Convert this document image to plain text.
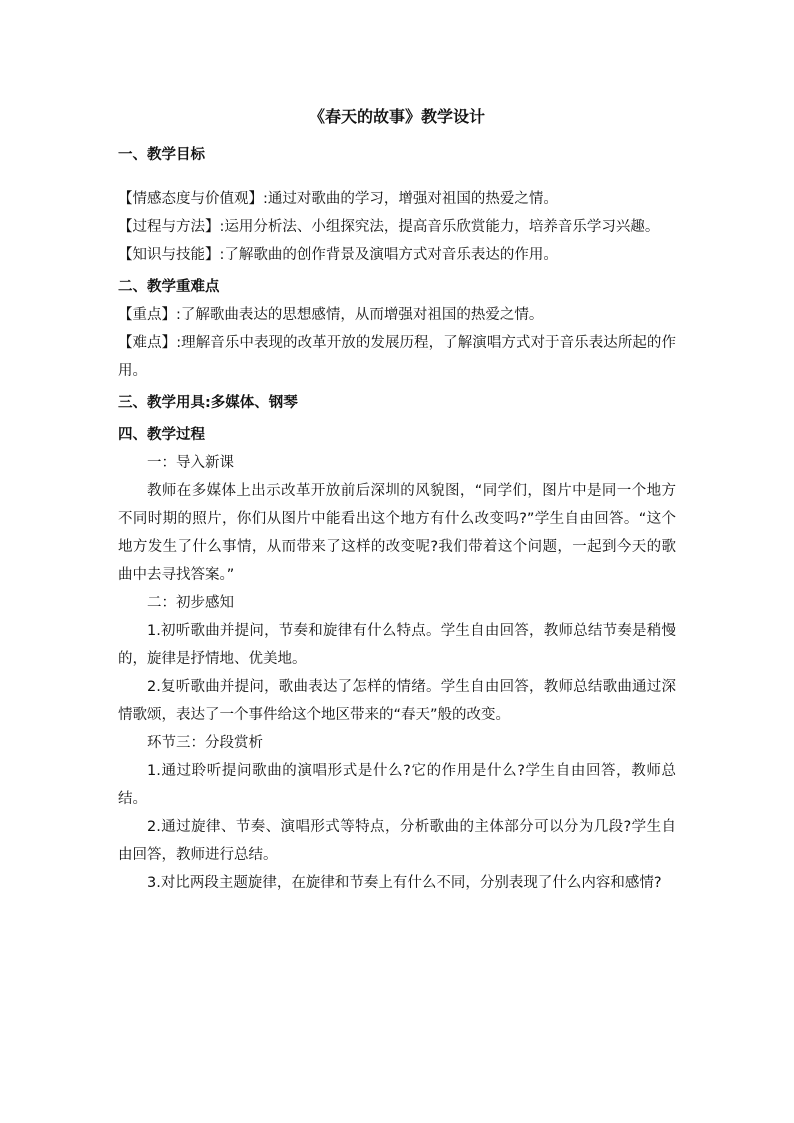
《春天的故事》教学设计

一、教学目标

【情感态度与价值观】:通过对歌曲的学习，增强对祖国的热爱之情。

【过程与方法】:运用分析法、小组探究法，提高音乐欣赏能力，培养音乐学习兴趣。

【知识与技能】:了解歌曲的创作背景及演唱方式对音乐表达的作用。

二、教学重难点

【重点】:了解歌曲表达的思想感情，从而增强对祖国的热爱之情。

【难点】:理解音乐中表现的改革开放的发展历程，了解演唱方式对于音乐表达所起的作用。

三、教学用具:多媒体、钢琴

四、教学过程

一：导入新课

教师在多媒体上出示改革开放前后深圳的风貌图，“同学们，图片中是同一个地方不同时期的照片，你们从图片中能看出这个地方有什么改变吗?”学生自由回答。“这个地方发生了什么事情，从而带来了这样的改变呢?我们带着这个问题，一起到今天的歌曲中去寻找答案。”

二：初步感知

1.初听歌曲并提问，节奏和旋律有什么特点。学生自由回答，教师总结节奏是稍慢的，旋律是抒情地、优美地。

2.复听歌曲并提问，歌曲表达了怎样的情绪。学生自由回答，教师总结歌曲通过深情歌颂，表达了一个事件给这个地区带来的“春天”般的改变。

环节三：分段赏析

1.通过聆听提问歌曲的演唱形式是什么?它的作用是什么?学生自由回答，教师总结。

2.通过旋律、节奏、演唱形式等特点，分析歌曲的主体部分可以分为几段?学生自由回答，教师进行总结。

3.对比两段主题旋律，在旋律和节奏上有什么不同，分别表现了什么内容和感情?
